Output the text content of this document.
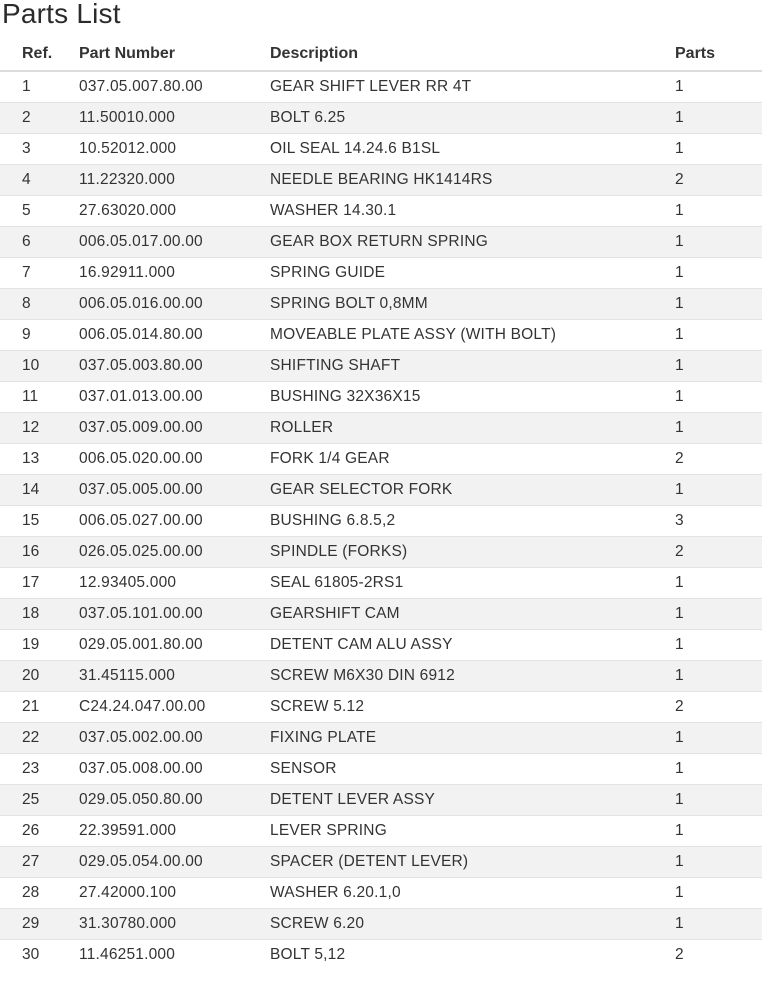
Parts List
Ref.	Part Number	Description	Parts
1	037.05.007.80.00	GEAR SHIFT LEVER RR 4T	1
2	11.50010.000	BOLT 6.25	1
3	10.52012.000	OIL SEAL 14.24.6 B1SL	1
4	11.22320.000	NEEDLE BEARING HK1414RS	2
5	27.63020.000	WASHER 14.30.1	1
6	006.05.017.00.00	GEAR BOX RETURN SPRING	1
7	16.92911.000	SPRING GUIDE	1
8	006.05.016.00.00	SPRING BOLT 0,8MM	1
9	006.05.014.80.00	MOVEABLE PLATE ASSY (WITH BOLT)	1
10	037.05.003.80.00	SHIFTING SHAFT	1
11	037.01.013.00.00	BUSHING 32X36X15	1
12	037.05.009.00.00	ROLLER	1
13	006.05.020.00.00	FORK 1/4 GEAR	2
14	037.05.005.00.00	GEAR SELECTOR FORK	1
15	006.05.027.00.00	BUSHING 6.8.5,2	3
16	026.05.025.00.00	SPINDLE (FORKS)	2
17	12.93405.000	SEAL 61805-2RS1	1
18	037.05.101.00.00	GEARSHIFT CAM	1
19	029.05.001.80.00	DETENT CAM ALU ASSY	1
20	31.45115.000	SCREW M6X30 DIN 6912	1
21	C24.24.047.00.00	SCREW 5.12	2
22	037.05.002.00.00	FIXING PLATE	1
23	037.05.008.00.00	SENSOR	1
25	029.05.050.80.00	DETENT LEVER ASSY	1
26	22.39591.000	LEVER SPRING	1
27	029.05.054.00.00	SPACER (DETENT LEVER)	1
28	27.42000.100	WASHER 6.20.1,0	1
29	31.30780.000	SCREW 6.20	1
30	11.46251.000	BOLT 5,12	2
